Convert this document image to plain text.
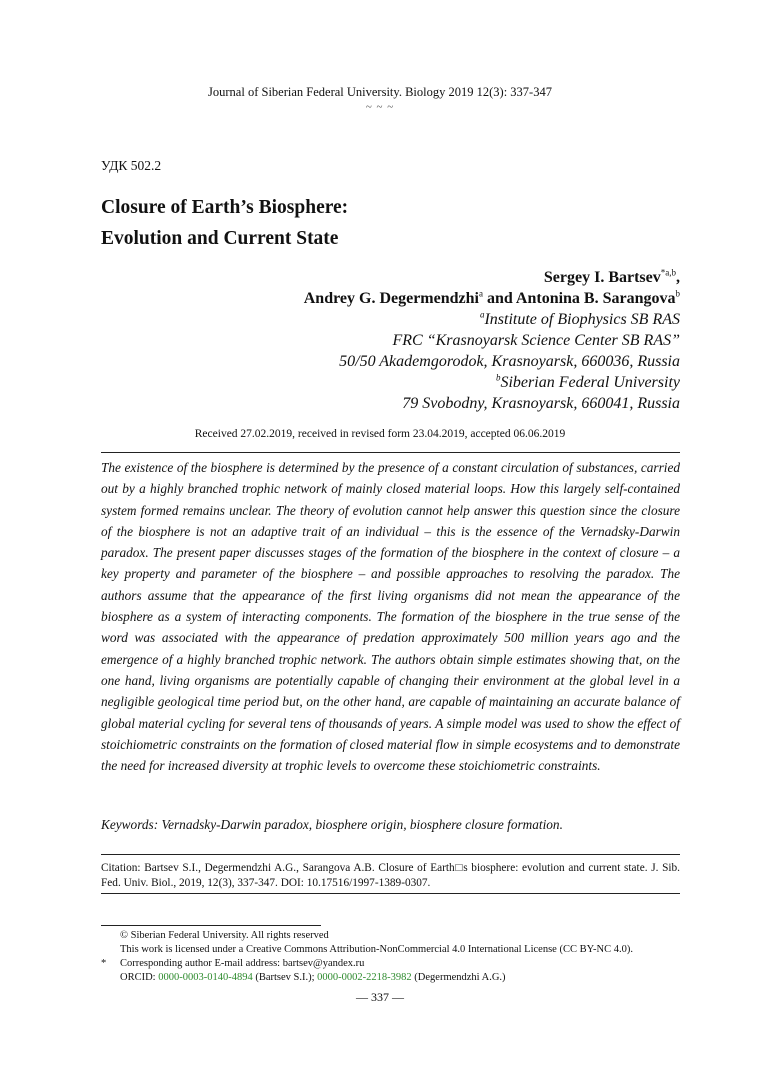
Journal of Siberian Federal University. Biology 2019 12(3): 337-347
~ ~ ~
УДК 502.2
Closure of Earth’s Biosphere:
Evolution and Current State
Sergey I. Bartsev$^{*a,b}$,
Andrey G. Degermendzhi$^a$ and Antonina B. Sarangova$^b$
$^a$Institute of Biophysics SB RAS
FRC “Krasnoyarsk Science Center SB RAS”
50/50 Akademgorodok, Krasnoyarsk, 660036, Russia
$^b$Siberian Federal University
79 Svobodny, Krasnoyarsk, 660041, Russia
Received 27.02.2019, received in revised form 23.04.2019, accepted 06.06.2019
The existence of the biosphere is determined by the presence of a constant circulation of substances, carried out by a highly branched trophic network of mainly closed material loops. How this largely self-contained system formed remains unclear. The theory of evolution cannot help answer this question since the closure of the biosphere is not an adaptive trait of an individual – this is the essence of the Vernadsky-Darwin paradox. The present paper discusses stages of the formation of the biosphere in the context of closure – a key property and parameter of the biosphere – and possible approaches to resolving the paradox. The authors assume that the appearance of the first living organisms did not mean the appearance of the biosphere as a system of interacting components. The formation of the biosphere in the true sense of the word was associated with the appearance of predation approximately 500 million years ago and the emergence of a highly branched trophic network. The authors obtain simple estimates showing that, on the one hand, living organisms are potentially capable of changing their environment at the global level in a negligible geological time period but, on the other hand, are capable of maintaining an accurate balance of global material cycling for several tens of thousands of years. A simple model was used to show the effect of stoichiometric constraints on the formation of closed material flow in simple ecosystems and to demonstrate the need for increased diversity at trophic levels to overcome these stoichiometric constraints.
Keywords: Vernadsky-Darwin paradox, biosphere origin, biosphere closure formation.
Citation: Bartsev S.I., Degermendzhi A.G., Sarangova A.B. Closure of Earth□s biosphere: evolution and current state. J. Sib. Fed. Univ. Biol., 2019, 12(3), 337-347. DOI: 10.17516/1997-1389-0307.
© Siberian Federal University. All rights reserved
This work is licensed under a Creative Commons Attribution-NonCommercial 4.0 International License (CC BY-NC 4.0).
* Corresponding author E-mail address: bartsev@yandex.ru
ORCID: 0000-0003-0140-4894 (Bartsev S.I.); 0000-0002-2218-3982 (Degermendzhi A.G.)
— 337 —
